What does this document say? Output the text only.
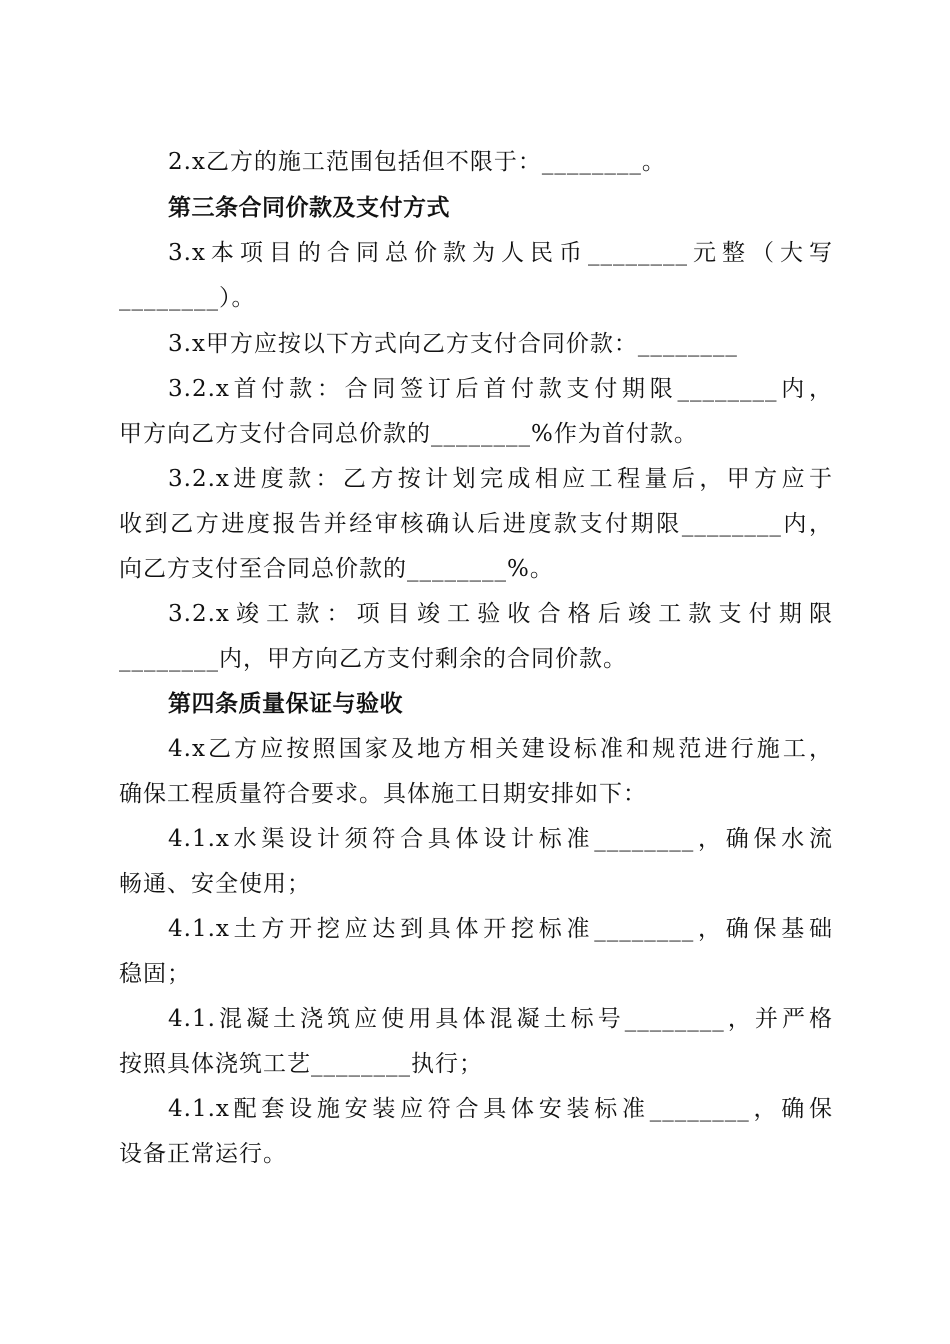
2.x乙方的施工范围包括但不限于：________。
第三条合同价款及支付方式
3.x本项目的合同总价款为人民币________元整（大写
________）。
3.x甲方应按以下方式向乙方支付合同价款：________
3.2.x首付款：合同签订后首付款支付期限________内，
甲方向乙方支付合同总价款的________%作为首付款。
3.2.x进度款：乙方按计划完成相应工程量后，甲方应于
收到乙方进度报告并经审核确认后进度款支付期限________内，
向乙方支付至合同总价款的________%。
3.2.x竣工款：项目竣工验收合格后竣工款支付期限
________内，甲方向乙方支付剩余的合同价款。
第四条质量保证与验收
4.x乙方应按照国家及地方相关建设标准和规范进行施工，
确保工程质量符合要求。具体施工日期安排如下：
4.1.x水渠设计须符合具体设计标准________，确保水流
畅通、安全使用；
4.1.x土方开挖应达到具体开挖标准________，确保基础
稳固；
4.1.混凝土浇筑应使用具体混凝土标号________，并严格
按照具体浇筑工艺________执行；
4.1.x配套设施安装应符合具体安装标准________，确保
设备正常运行。
